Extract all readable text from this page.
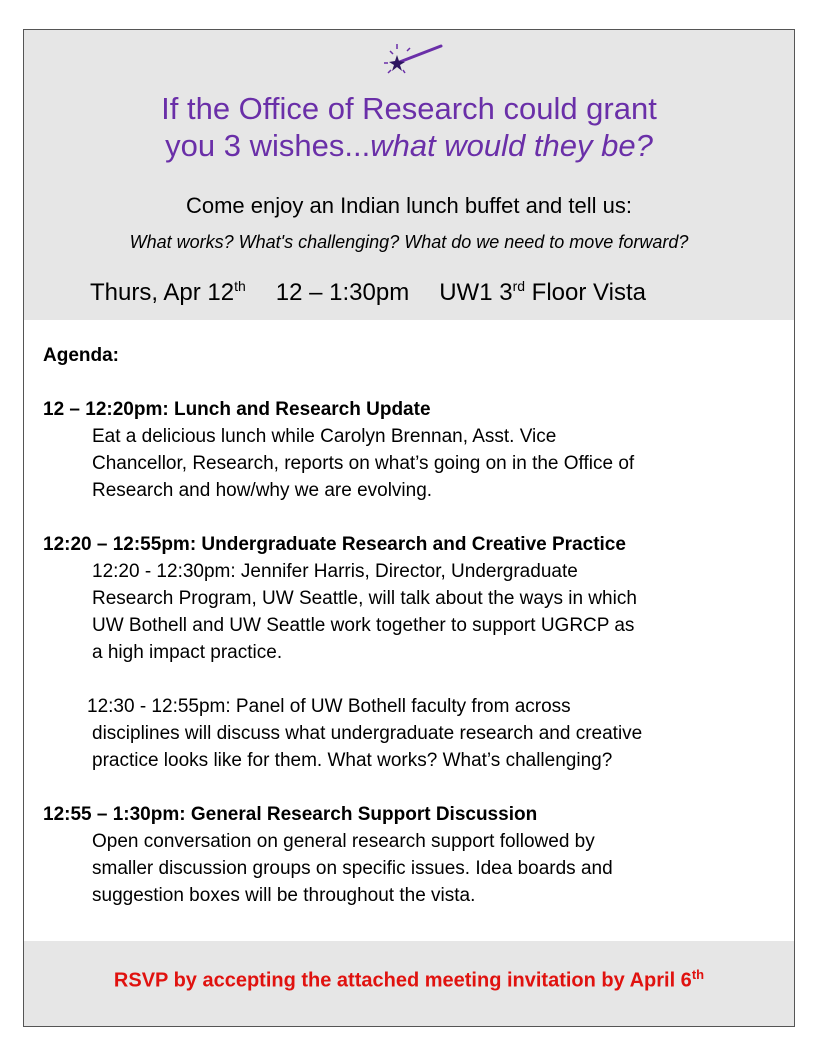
If the Office of Research could grant
you 3 wishes...what would they be?
Come enjoy an Indian lunch buffet and tell us:
What works? What's challenging? What do we need to move forward?
Thurs, Apr 12th 12 – 1:30pm UW1 3rd Floor Vista
Agenda:
12 – 12:20pm: Lunch and Research Update
Eat a delicious lunch while Carolyn Brennan, Asst. Vice
Chancellor, Research, reports on what’s going on in the Office of
Research and how/why we are evolving.
12:20 – 12:55pm: Undergraduate Research and Creative Practice
12:20 - 12:30pm: Jennifer Harris, Director, Undergraduate
Research Program, UW Seattle, will talk about the ways in which
UW Bothell and UW Seattle work together to support UGRCP as
a high impact practice.
12:30 - 12:55pm: Panel of UW Bothell faculty from across
disciplines will discuss what undergraduate research and creative
practice looks like for them. What works? What’s challenging?
12:55 – 1:30pm: General Research Support Discussion
Open conversation on general research support followed by
smaller discussion groups on specific issues. Idea boards and
suggestion boxes will be throughout the vista.
RSVP by accepting the attached meeting invitation by April 6th
